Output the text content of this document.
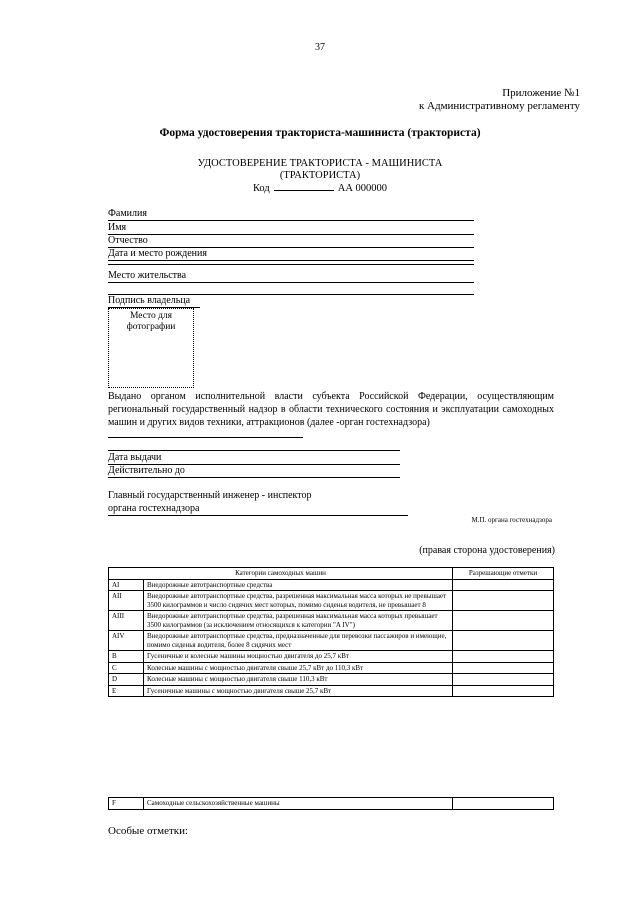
37
Приложение №1
к Административному регламенту
Форма удостоверения тракториста-машиниста (тракториста)
УДОСТОВЕРЕНИЕ ТРАКТОРИСТА - МАШИНИСТА
(ТРАКТОРИСТА)
Код	АА 000000
Фамилия
Имя
Отчество
Дата и место рождения
Место жительства
Подпись владельца
Место для фотографии
Выдано органом исполнительной власти субъекта Российской Федерации, осуществляющим региональный государственный надзор в области технического состояния и эксплуатации самоходных машин и других видов техники, аттракционов (далее -орган гостехнадзора)
Дата выдачи
Действительно до
Главный государственный инженер - инспектор
органа гостехнадзора
М.П. органа гостехнадзора
(правая сторона удостоверения)
Категории самоходных машин		Разрешающие отметки
AI	Внедорожные автотранспортные средства	
AII	Внедорожные автотранспортные средства, разрешенная максимальная масса которых не превышает 3500 килограммов и число сидячих мест которых, помимо сиденья водителя, не превышает 8	
AIII	Внедорожные автотранспортные средства, разрешенная максимальная масса которых превышает 3500 килограммов (за исключением относящихся к категории "A IV")	
AIV	Внедорожные автотранспортные средства, предназначенные для перевозки пассажиров и имеющие, помимо сиденья водителя, более 8 сидячих мест	
B	Гусеничные и колесные машины мощностью двигателя до 25,7 кВт	
C	Колесные машины с мощностью двигателя свыше 25,7 кВт до 110,3 кВт	
D	Колесные машины с мощностью двигателя свыше 110,3 кВт	
E	Гусеничные машины с мощностью двигателя свыше 25,7 кВт	
F	Самоходные сельскохозяйственные машины	
Особые отметки:
